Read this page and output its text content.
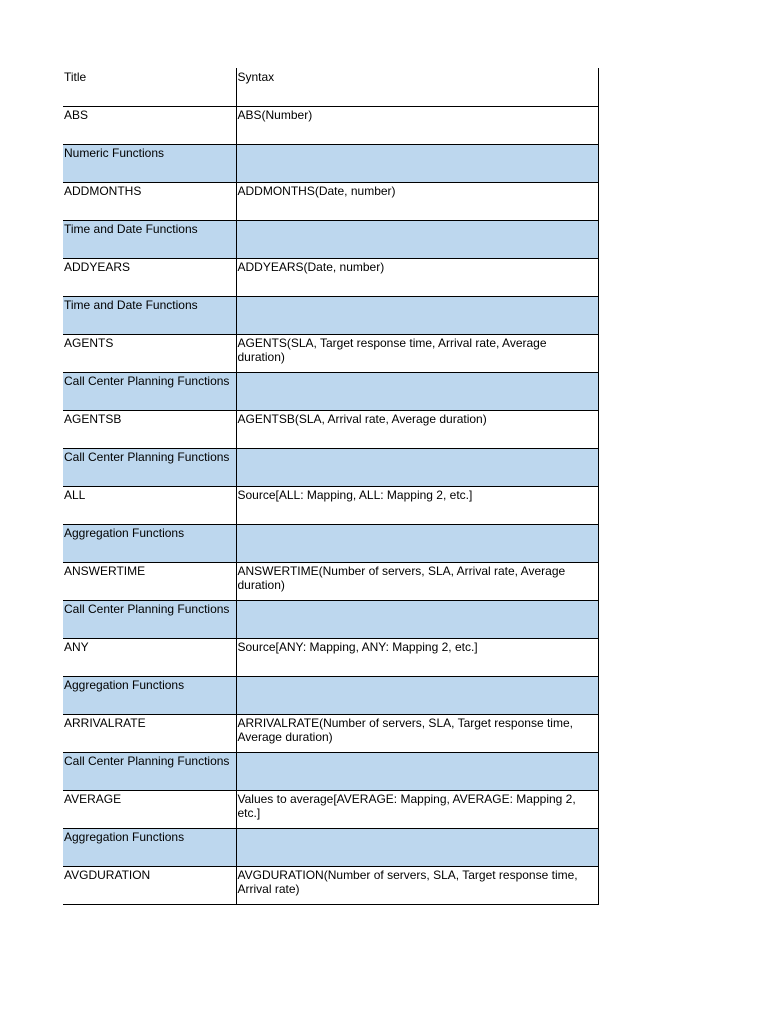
Title	Syntax
ABS	ABS(Number)
Numeric Functions	
ADDMONTHS	ADDMONTHS(Date, number)
Time and Date Functions	
ADDYEARS	ADDYEARS(Date, number)
Time and Date Functions	
AGENTS	AGENTS(SLA, Target response time, Arrival rate, Average duration)
Call Center Planning Functions	
AGENTSB	AGENTSB(SLA, Arrival rate, Average duration)
Call Center Planning Functions	
ALL	Source[ALL: Mapping, ALL: Mapping 2, etc.]
Aggregation Functions	
ANSWERTIME	ANSWERTIME(Number of servers, SLA, Arrival rate, Average duration)
Call Center Planning Functions	
ANY	Source[ANY: Mapping, ANY: Mapping 2, etc.]
Aggregation Functions	
ARRIVALRATE	ARRIVALRATE(Number of servers, SLA, Target response time, Average duration)
Call Center Planning Functions	
AVERAGE	Values to average[AVERAGE: Mapping, AVERAGE: Mapping 2, etc.]
Aggregation Functions	
AVGDURATION	AVGDURATION(Number of servers, SLA, Target response time, Arrival rate)
